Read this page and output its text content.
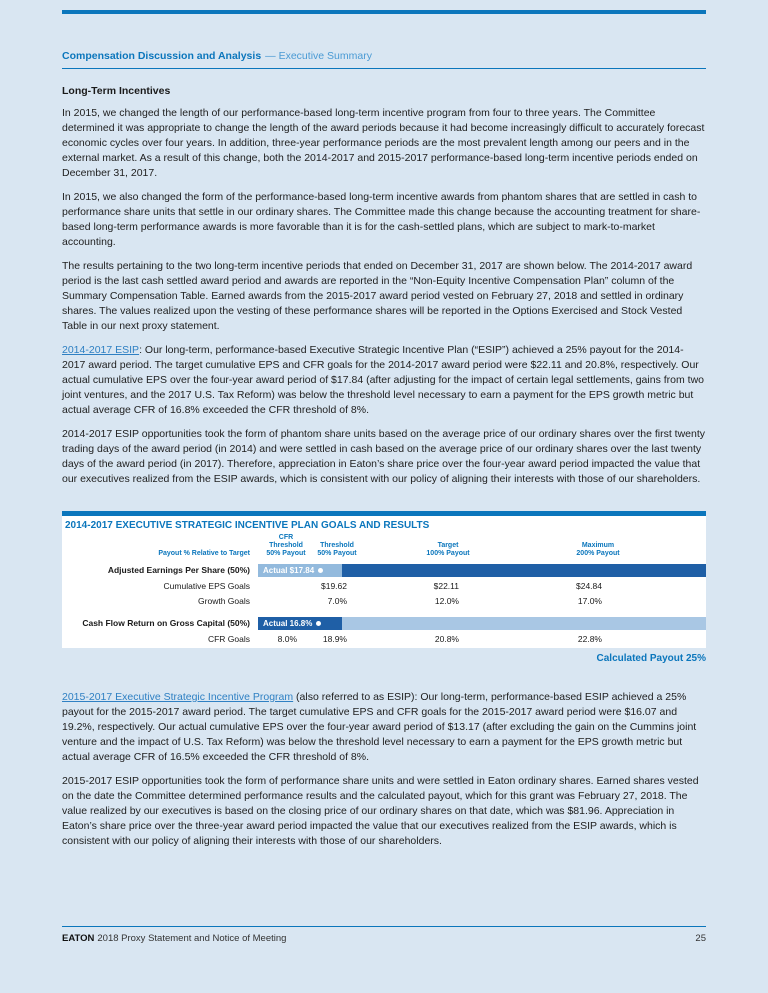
Compensation Discussion and Analysis — Executive Summary
Long-Term Incentives

In 2015, we changed the length of our performance-based long-term incentive program from four to three years. The Committee determined it was appropriate to change the length of the award periods because it had become increasingly difficult to accurately forecast economic cycles over four years. In addition, three-year performance periods are the most prevalent length among our peers and in the external market. As a result of this change, both the 2014-2017 and 2015-2017 performance-based long-term incentive periods ended on December 31, 2017.

In 2015, we also changed the form of the performance-based long-term incentive awards from phantom shares that are settled in cash to performance share units that settle in our ordinary shares. The Committee made this change because the accounting treatment for share-based long-term performance awards is more favorable than it is for the cash-settled plans, which are subject to mark-to-market accounting.

The results pertaining to the two long-term incentive periods that ended on December 31, 2017 are shown below. The 2014-2017 award period is the last cash settled award period and awards are reported in the “Non-Equity Incentive Compensation Plan” column of the Summary Compensation Table. Earned awards from the 2015-2017 award period vested on February 27, 2018 and settled in ordinary shares. The values realized upon the vesting of these performance shares will be reported in the Options Exercised and Stock Vested Table in our next proxy statement.

2014-2017 ESIP: Our long-term, performance-based Executive Strategic Incentive Plan (“ESIP”) achieved a 25% payout for the 2014-2017 award period. The target cumulative EPS and CFR goals for the 2014-2017 award period were $22.11 and 20.8%, respectively. Our actual cumulative EPS over the four-year award period of $17.84 (after adjusting for the impact of certain legal settlements, gains from two joint ventures, and the 2017 U.S. Tax Reform) was below the threshold level necessary to earn a payment for the EPS growth metric but actual average CFR of 16.8% exceeded the CFR threshold of 8%.

2014-2017 ESIP opportunities took the form of phantom share units based on the average price of our ordinary shares over the first twenty trading days of the award period (in 2014) and were settled in cash based on the average price of our ordinary shares over the last twenty days of the award period (in 2017). Therefore, appreciation in Eaton’s share price over the four-year award period impacted the value that our executives realized from the ESIP awards, which is consistent with our policy of aligning their interests with those of our shareholders.

2014-2017 EXECUTIVE STRATEGIC INCENTIVE PLAN GOALS AND RESULTS
Payout % Relative to Target
CFR
Threshold
50% Payout
Threshold
50% Payout
Target
100% Payout
Maximum
200% Payout
Adjusted Earnings Per Share (50%) Actual $17.84
Cumulative EPS Goals	$19.62	$22.11	$24.84
Growth Goals	7.0%	12.0%	17.0%
Cash Flow Return on Gross Capital (50%) Actual 16.8%
CFR Goals	8.0%	18.9%	20.8%	22.8%
Calculated Payout 25%

2015-2017 Executive Strategic Incentive Program (also referred to as ESIP): Our long-term, performance-based ESIP achieved a 25% payout for the 2015-2017 award period. The target cumulative EPS and CFR goals for the 2015-2017 award period were $16.07 and 19.2%, respectively. Our actual cumulative EPS over the four-year award period of $13.17 (after excluding the gain on the Cummins joint venture and the impact of U.S. Tax Reform) was below the threshold level necessary to earn a payment for the EPS growth metric but actual average CFR of 16.5% exceeded the CFR threshold of 8%.

2015-2017 ESIP opportunities took the form of performance share units and were settled in Eaton ordinary shares. Earned shares vested on the date the Committee determined performance results and the calculated payout, which for this grant was February 27, 2018. The value realized by our executives is based on the closing price of our ordinary shares on that date, which was $81.96. Appreciation in Eaton’s share price over the three-year award period impacted the value that our executives realized from the ESIP awards, which is consistent with our policy of aligning their interests with those of our shareholders.

EATON 2018 Proxy Statement and Notice of Meeting	25
